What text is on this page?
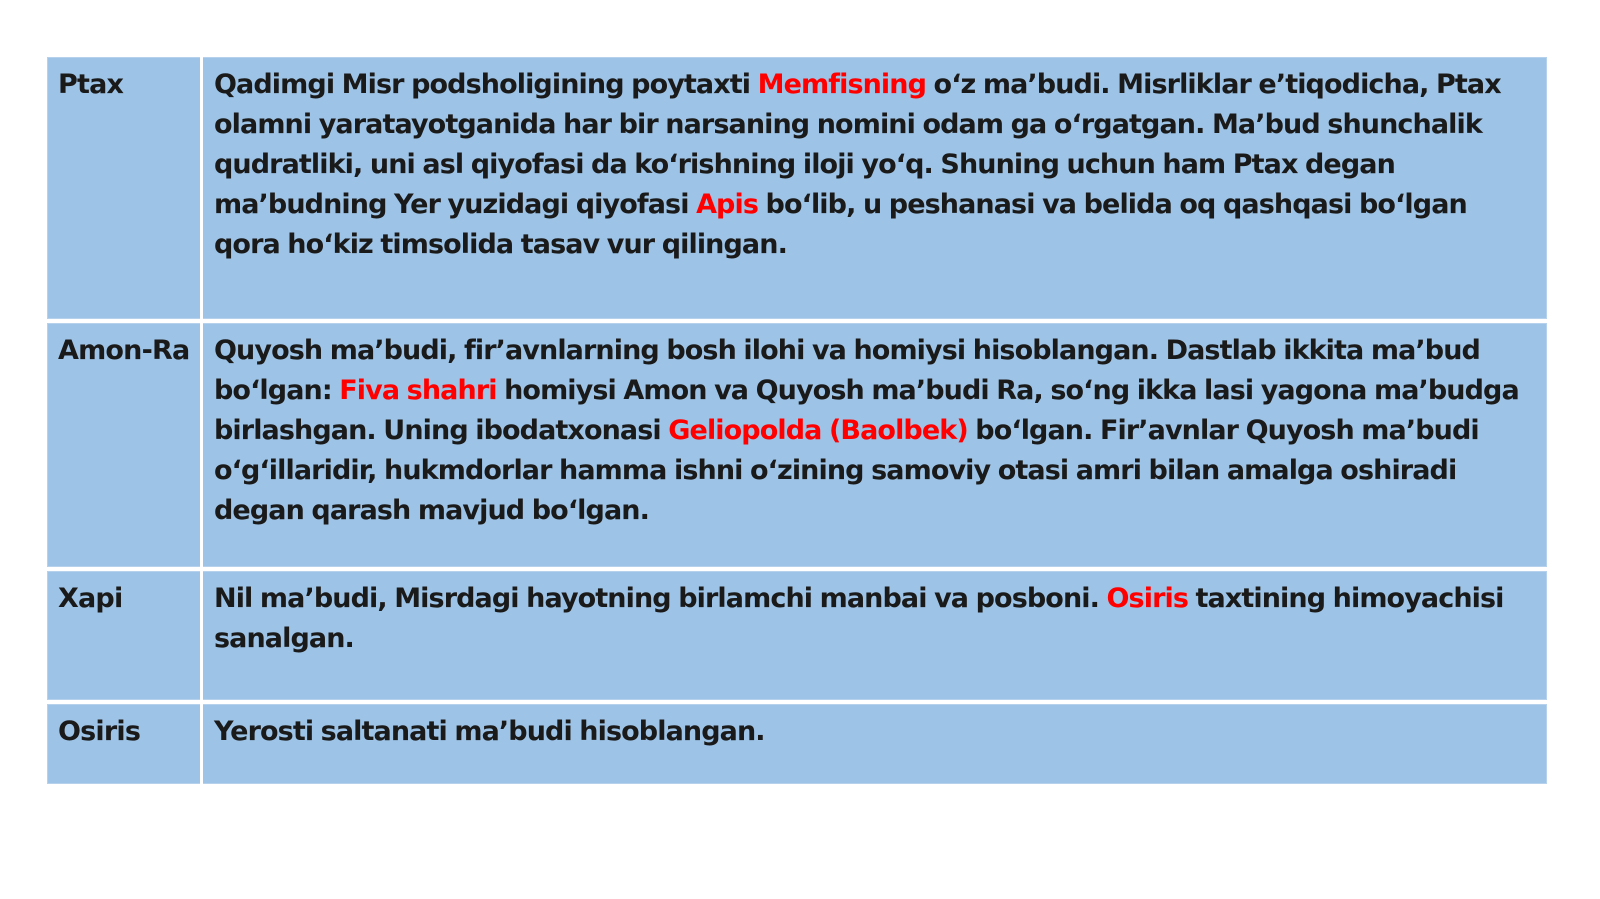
Ptax	Qadimgi Misr podsholigining poytaxti Memfisning oʻz maʼbudi. Misrliklar eʼtiqodicha, Ptax olamni yaratayotganida har bir narsaning nomini odam ga oʻrgatgan. Maʼbud shunchalik qudratliki, uni asl qiyofasi da koʻrishning iloji yoʻq. Shuning uchun ham Ptax degan maʼbudning Yer yuzidagi qiyofasi Apis boʻlib, u peshanasi va belida oq qashqasi boʻlgan qora hoʻkiz timsolida tasav vur qilingan.
Amon-Ra Quyosh maʼbudi, firʼavnlarning bosh ilohi va homiysi hisoblangan. Dastlab ikkita maʼbud boʻlgan: Fiva shahri homiysi Amon va Quyosh maʼbudi Ra, soʻng ikka lasi yagona maʼbudga birlashgan. Uning ibodatxonasi Geliopolda (Baolbek) boʻlgan. Firʼavnlar Quyosh maʼbudi oʻgʻillaridir, hukmdorlar hamma ishni oʻzining samoviy otasi amri bilan amalga oshiradi degan qarash mavjud boʻlgan.
Xapi	Nil maʼbudi, Misrdagi hayotning birlamchi manbai va posboni. Osiris taxtining himoyachisi sanalgan.
Osiris	Yerosti saltanati maʼbudi hisoblangan.
